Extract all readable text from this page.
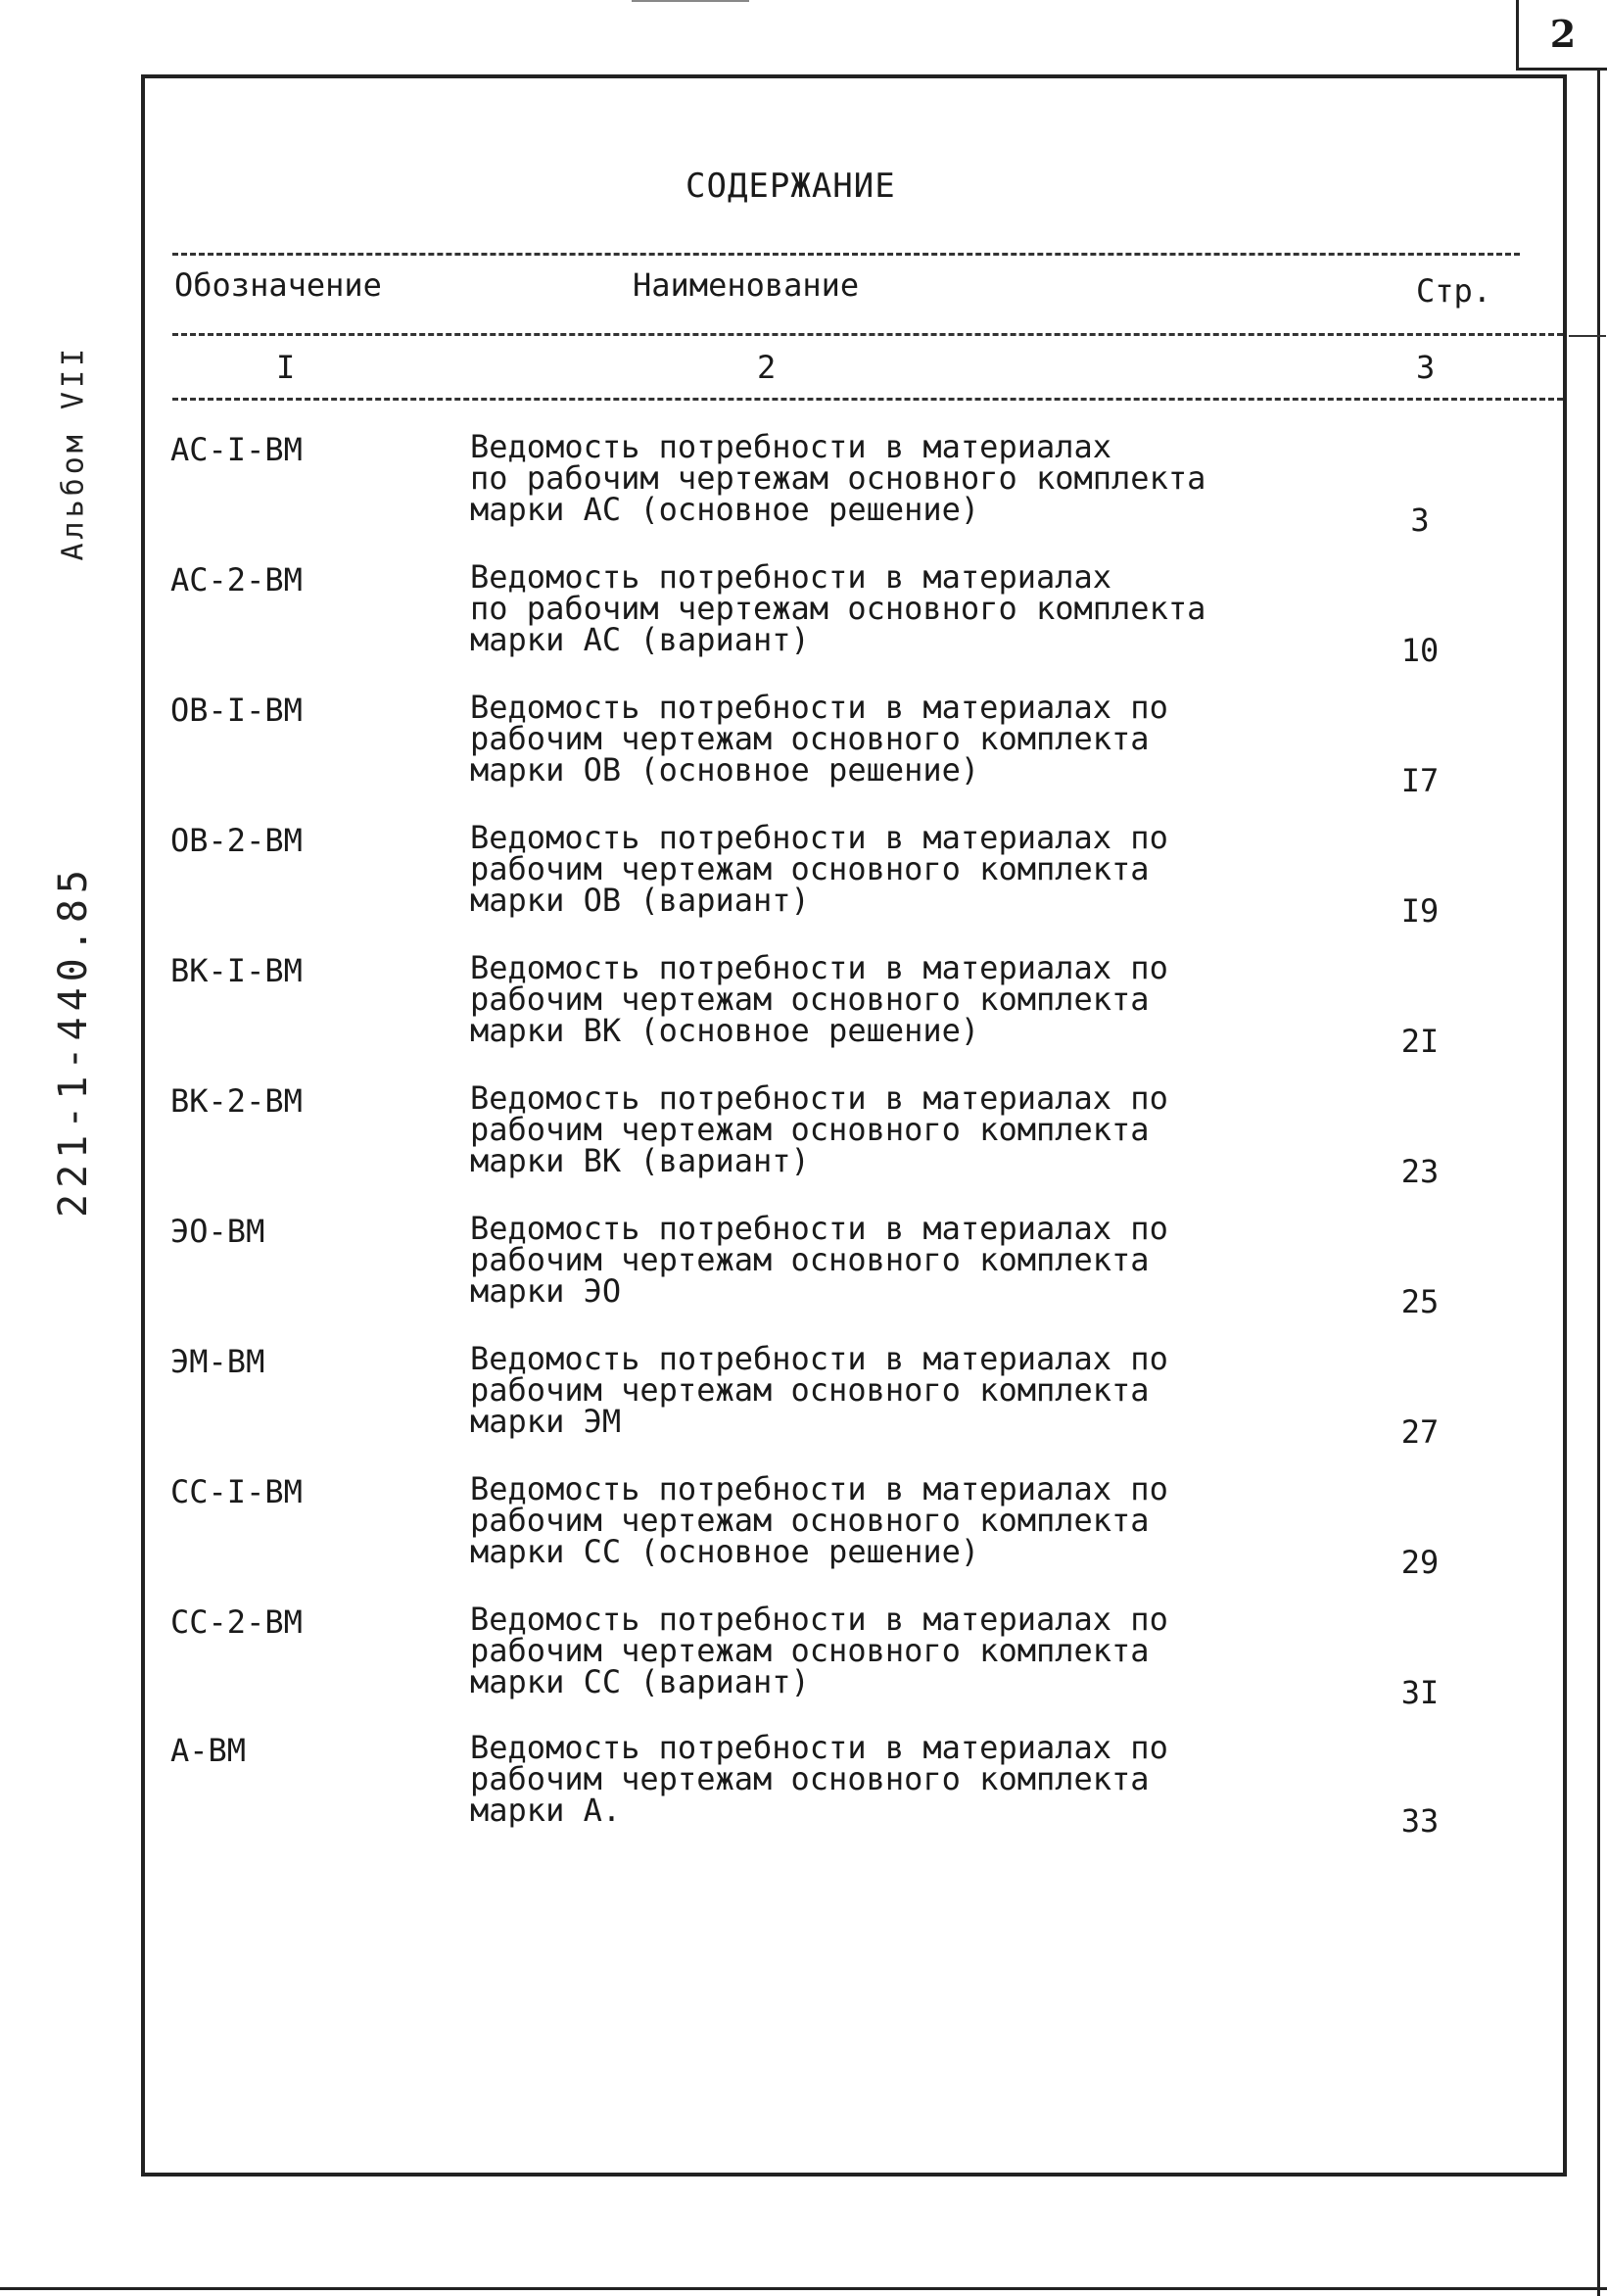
2
Альбом VII
221-1-440.85
СОДЕРЖАНИЕ
Обозначение	Наименование	Стр.
I	2	3
АС-I-ВМ	Ведомость потребности в материалах
по рабочим чертежам основного комплекта
марки АС (основное решение)	3
АС-2-ВМ	Ведомость потребности в материалах
по рабочим чертежам основного комплекта
марки АС (вариант)	10
ОВ-I-ВМ	Ведомость потребности в материалах по
рабочим чертежам основного комплекта
марки ОВ (основное решение)	I7
ОВ-2-ВМ	Ведомость потребности в материалах по
рабочим чертежам основного комплекта
марки ОВ (вариант)	I9
ВК-I-ВМ	Ведомость потребности в материалах по
рабочим чертежам основного комплекта
марки ВК (основное решение)	2I
ВК-2-ВМ	Ведомость потребности в материалах по
рабочим чертежам основного комплекта
марки ВК (вариант)	23
ЭО-ВМ	Ведомость потребности в материалах по
рабочим чертежам основного комплекта
марки ЭО	25
ЭМ-ВМ	Ведомость потребности в материалах по
рабочим чертежам основного комплекта
марки ЭМ	27
СС-I-ВМ	Ведомость потребности в материалах по
рабочим чертежам основного комплекта
марки СС (основное решение)	29
СС-2-ВМ	Ведомость потребности в материалах по
рабочим чертежам основного комплекта
марки СС (вариант)	3I
А-ВМ	Ведомость потребности в материалах по
рабочим чертежам основного комплекта
марки А.	33
